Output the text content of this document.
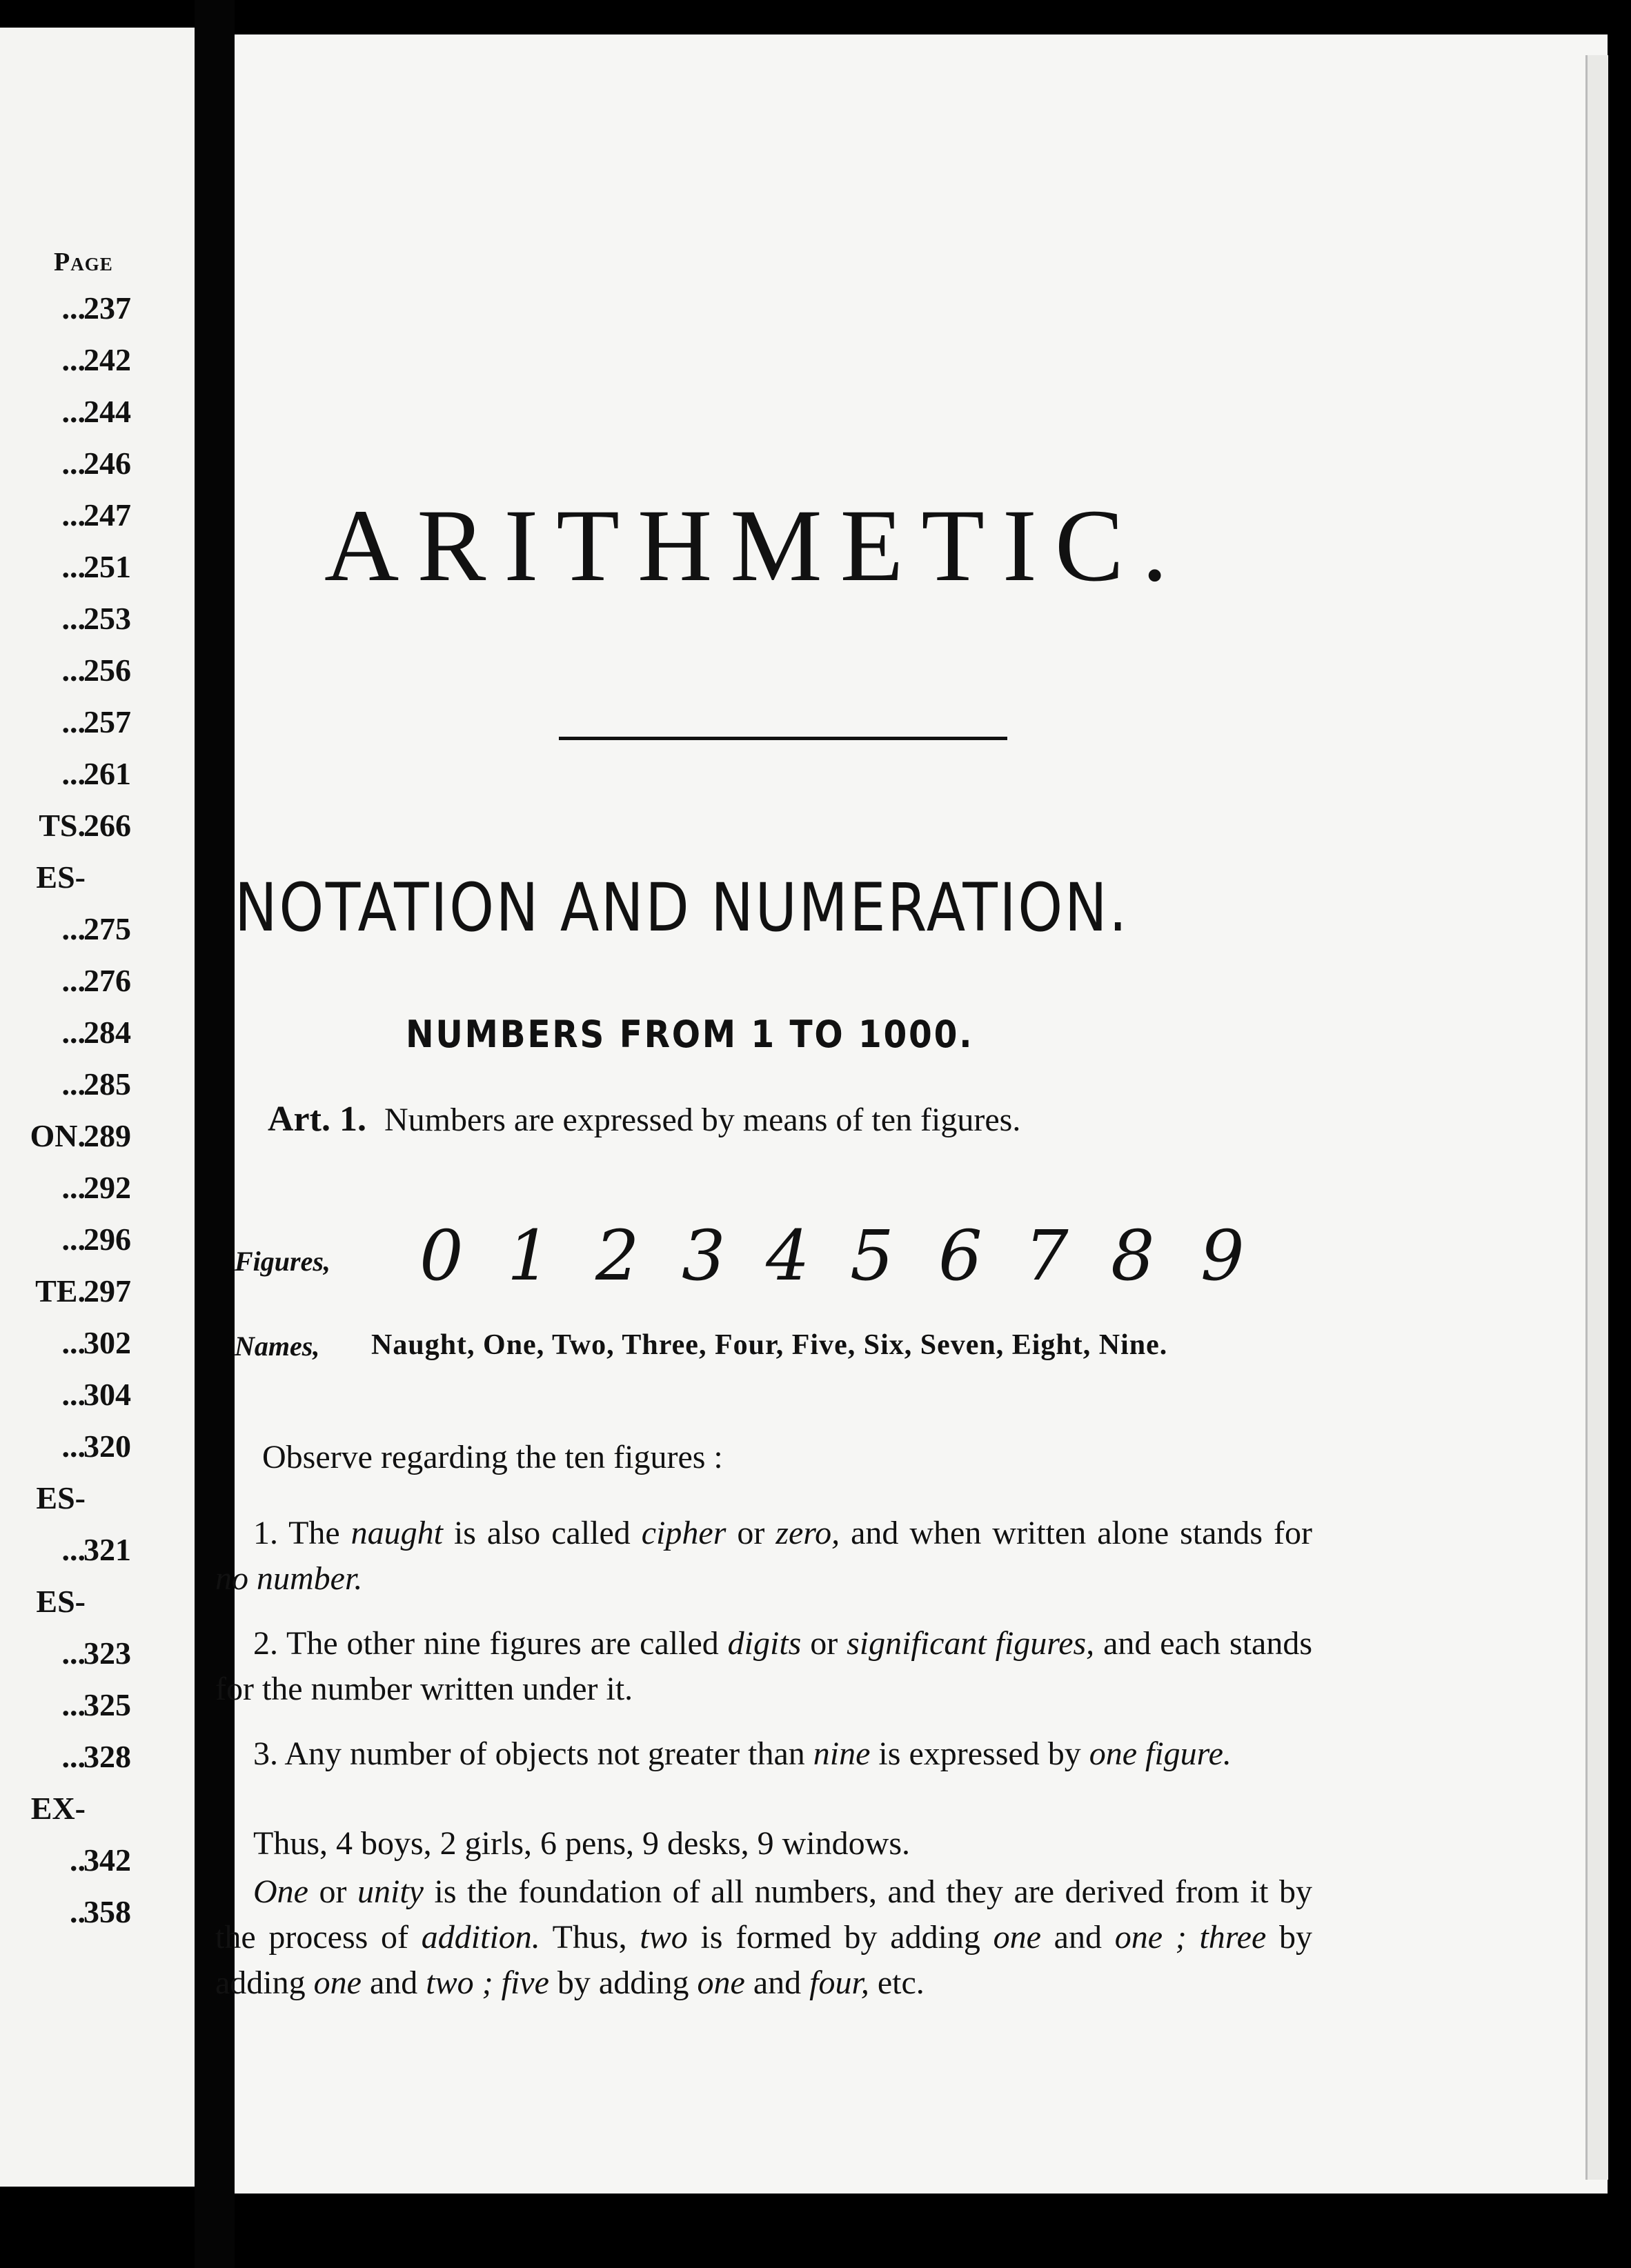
Page
...
237
...
242
...
244
...
246
...
247
...
251
...
253
...
256
...
257
...
261
TS.
266
ES-
...
275
...
276
...
284
...
285
ON.
289
...
292
...
296
TE.
297
...
302
...
304
...
320
ES-
...
321
ES-
...
323
...
325
...
328
EX-
..
342
..
358
ARITHMETIC.
NOTATION AND NUMERATION.
NUMBERS FROM 1 TO 1000.
Art. 1. Numbers are expressed by means of ten figures.
Figures, 0 1 2 3 4 5 6 7 8 9
Names, Naught, One, Two, Three, Four, Five, Six, Seven, Eight, Nine.
Observe regarding the ten figures :
1. The naught is also called cipher or zero, and when written alone stands for no number.
2. The other nine figures are called digits or significant figures, and each stands for the number written under it.
3. Any number of objects not greater than nine is expressed by one figure.
Thus, 4 boys, 2 girls, 6 pens, 9 desks, 9 windows.
One or unity is the foundation of all numbers, and they are derived from it by the process of addition. Thus, two is formed by adding one and one ; three by adding one and two ; five by adding one and four, etc.
